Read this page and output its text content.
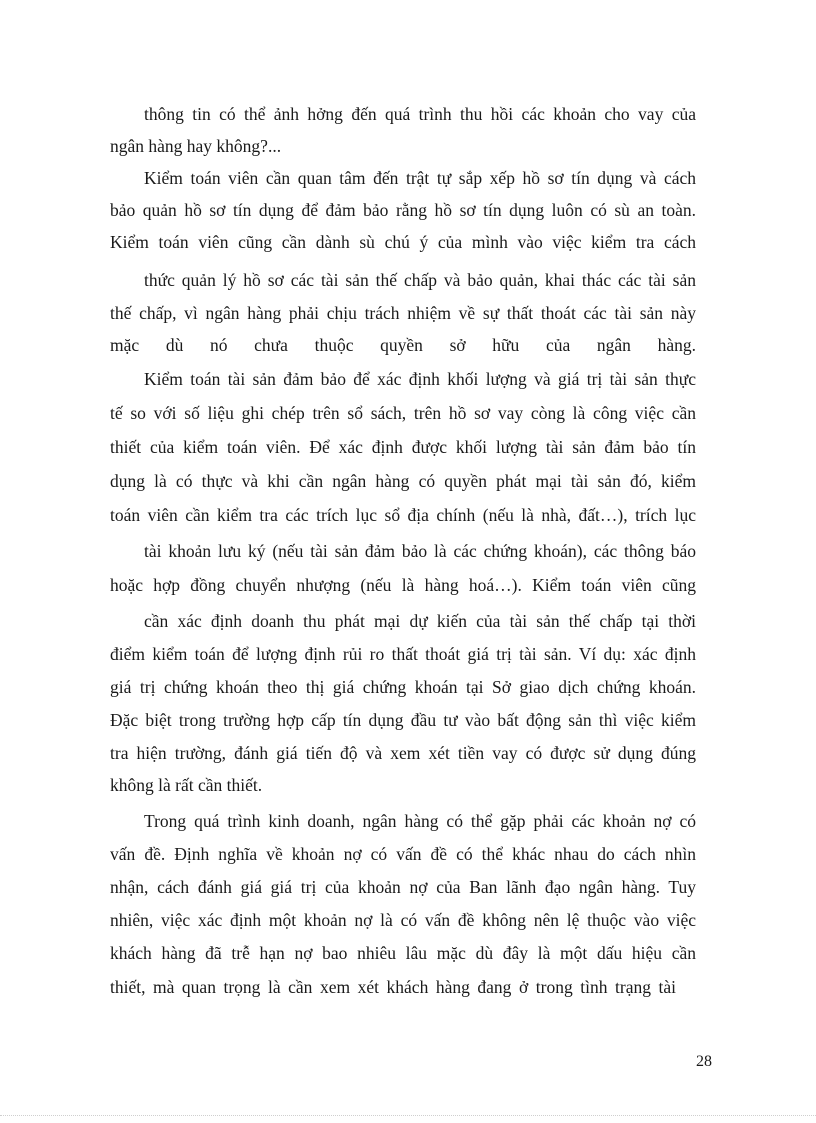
thông tin có thể ảnh hởng đến quá trình thu hồi các khoản cho vay của
ngân hàng hay không?...
Kiểm toán viên cần quan tâm đến trật tự sắp xếp hồ sơ tín dụng và cách
bảo quản hồ sơ tín dụng để đảm bảo rằng hồ sơ tín dụng luôn có sù an toàn.
Kiểm toán viên cũng cần dành sù chú ý của mình vào việc kiểm tra cách
thức quản lý hồ sơ các tài sản thế chấp và bảo quản, khai thác các tài sản
thế chấp, vì ngân hàng phải chịu trách nhiệm về sự thất thoát các tài sản này
mặc dù nó chưa thuộc quyền sở hữu của ngân hàng.
Kiểm toán tài sản đảm bảo để xác định khối lượng và giá trị tài sản thực
tế so với số liệu ghi chép trên sổ sách, trên hồ sơ vay còng là công việc cần
thiết của kiểm toán viên. Để xác định được khối lượng tài sản đảm bảo tín
dụng là có thực và khi cần ngân hàng có quyền phát mại tài sản đó, kiểm
toán viên cần kiểm tra các trích lục sổ địa chính (nếu là nhà, đất…), trích lục
tài khoản lưu ký (nếu tài sản đảm bảo là các chứng khoán), các thông báo
hoặc hợp đồng chuyển nhượng (nếu là hàng hoá…). Kiểm toán viên cũng
cần xác định doanh thu phát mại dự kiến của tài sản thế chấp tại thời
điểm kiểm toán để lượng định rủi ro thất thoát giá trị tài sản. Ví dụ: xác định
giá trị chứng khoán theo thị giá chứng khoán tại Sở giao dịch chứng khoán.
Đặc biệt trong trường hợp cấp tín dụng đầu tư vào bất động sản thì việc kiểm
tra hiện trường, đánh giá tiến độ và xem xét tiền vay có được sử dụng đúng
không là rất cần thiết.
Trong quá trình kinh doanh, ngân hàng có thể gặp phải các khoản nợ có
vấn đề. Định nghĩa về khoản nợ có vấn đề có thể khác nhau do cách nhìn
nhận, cách đánh giá giá trị của khoản nợ của Ban lãnh đạo ngân hàng. Tuy
nhiên, việc xác định một khoản nợ là có vấn đề không nên lệ thuộc vào việc
khách hàng đã trễ hạn nợ bao nhiêu lâu mặc dù đây là một dấu hiệu cần
thiết, mà quan trọng là cần xem xét khách hàng đang ở trong tình trạng tài
28
